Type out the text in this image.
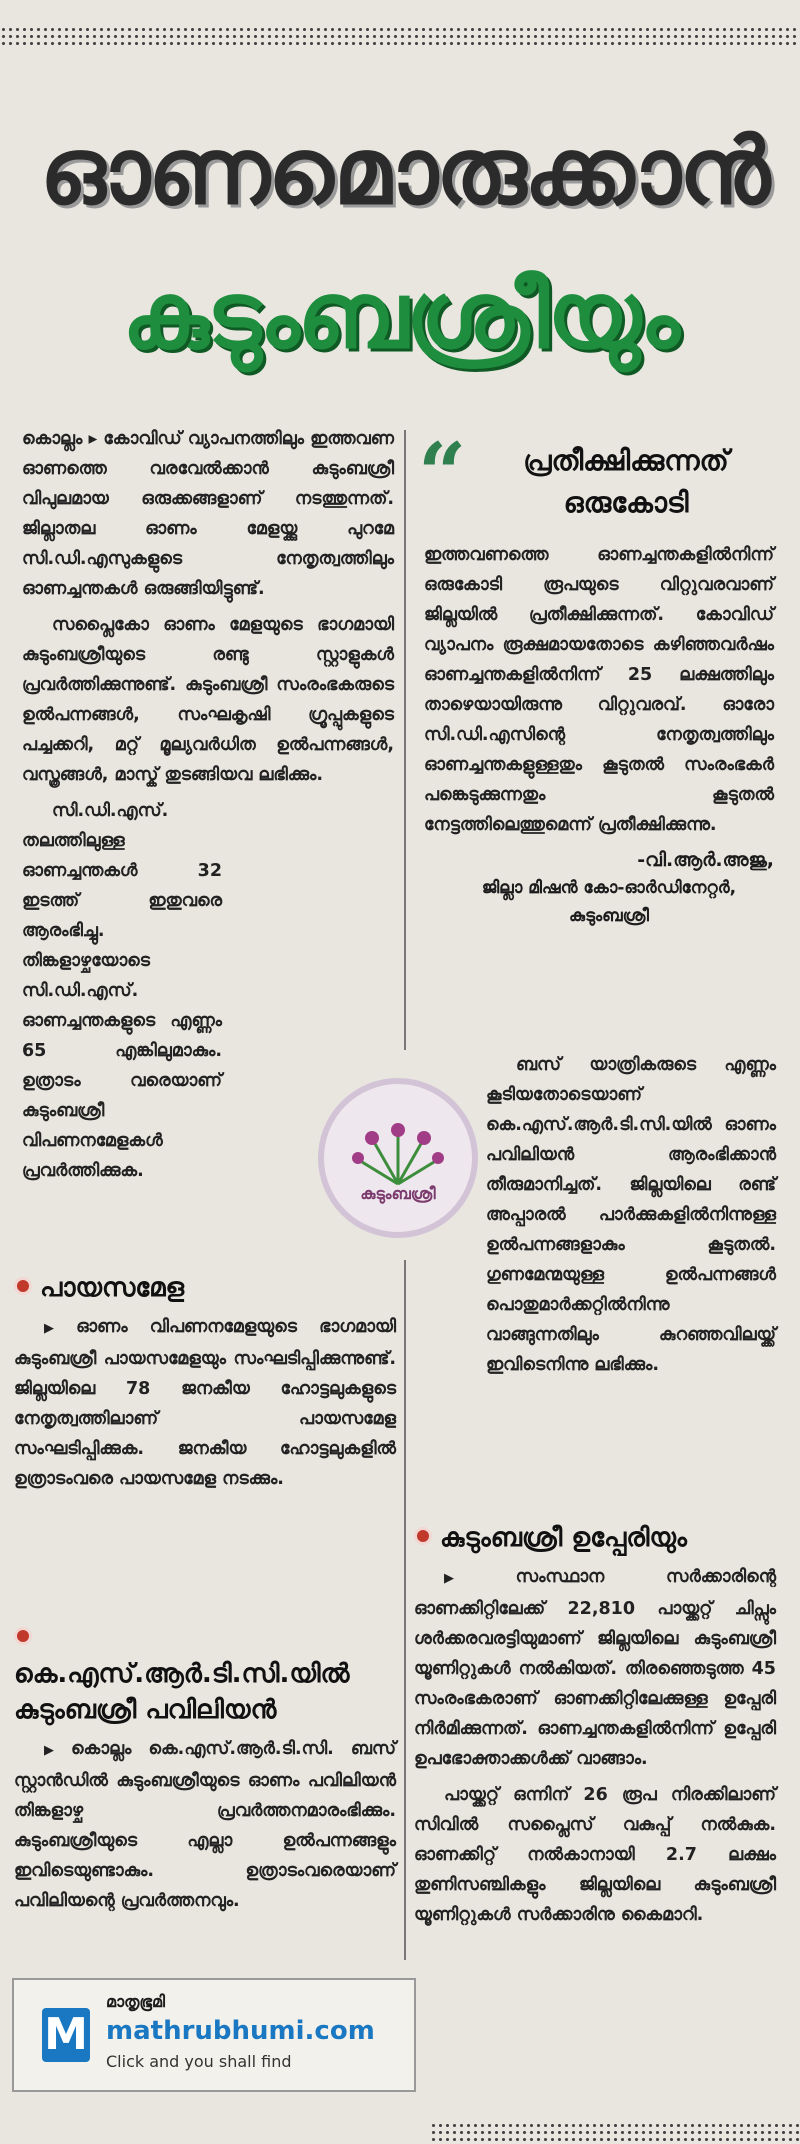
ഓണമൊരുക്കാൻ
കുടുംബശ്രീയും

കൊല്ലം ▸ കോവിഡ് വ്യാപനത്തിലും ഇത്തവണ ഓണത്തെ വരവേൽക്കാൻ കുടുംബശ്രീ വിപുലമായ ഒരുക്കങ്ങളാണ് നടത്തുന്നത്. ജില്ലാതല ഓണം മേളയ്ക്കു പുറമേ സി.ഡി.എസുകളുടെ നേതൃത്വത്തിലും ഓണച്ചന്തകൾ ഒരുങ്ങിയിട്ടുണ്ട്.

സപ്ലൈകോ ഓണം മേളയുടെ ഭാഗമായി കുടുംബശ്രീയുടെ രണ്ടു സ്റ്റാളുകൾ പ്രവർത്തിക്കുന്നുണ്ട്. കുടുംബശ്രീ സംരംഭകരുടെ ഉൽപന്നങ്ങൾ, സംഘകൃഷി ഗ്രൂപ്പുകളുടെ പച്ചക്കറി, മറ്റ് മൂല്യവർധിത ഉൽപന്നങ്ങൾ, വസ്ത്രങ്ങൾ, മാസ്ക് തുടങ്ങിയവ ലഭിക്കും.

സി.ഡി.എസ്. തലത്തിലുള്ള ഓണച്ചന്തകൾ 32 ഇടത്ത് ഇതുവരെ ആരംഭിച്ചു. തിങ്കളാഴ്ചയോടെ സി.ഡി.എസ്. ഓണച്ചന്തകളുടെ എണ്ണം 65 എങ്കിലുമാകും. ഉത്രാടം വരെയാണ് കുടുംബശ്രീ വിപണനമേളകൾ പ്രവർത്തിക്കുക.

പായസമേള

▶ ഓണം വിപണനമേളയുടെ ഭാഗമായി കുടുംബശ്രീ പായസമേളയും സംഘടിപ്പിക്കുന്നുണ്ട്. ജില്ലയിലെ 78 ജനകീയ ഹോട്ടലുകളുടെ നേതൃത്വത്തിലാണ് പായസമേള സംഘടിപ്പിക്കുക. ജനകീയ ഹോട്ടലുകളിൽ ഉത്രാടംവരെ പായസമേള നടക്കും.

കെ.എസ്.ആർ.ടി.സി.യിൽ കുടുംബശ്രീ പവിലിയൻ

▶ കൊല്ലം കെ.എസ്.ആർ.ടി.സി. ബസ് സ്റ്റാൻഡിൽ കുടുംബശ്രീയുടെ ഓണം പവിലിയൻ തിങ്കളാഴ്ച പ്രവർത്തനമാരംഭിക്കും. കുടുംബശ്രീയുടെ എല്ലാ ഉൽപന്നങ്ങളും ഇവിടെയുണ്ടാകും. ഉത്രാടംവരെയാണ് പവിലിയന്റെ പ്രവർത്തനവും.

“	പ്രതീക്ഷിക്കുന്നത് ഒരുകോടി

ഇത്തവണത്തെ ഓണച്ചന്തകളിൽനിന്ന് ഒരുകോടി രൂപയുടെ വിറ്റുവരവാണ് ജില്ലയിൽ പ്രതീക്ഷിക്കുന്നത്. കോവിഡ് വ്യാപനം രൂക്ഷമായതോടെ കഴിഞ്ഞവർഷം ഓണച്ചന്തകളിൽനിന്ന് 25 ലക്ഷത്തിലും താഴെയായിരുന്നു വിറ്റുവരവ്. ഓരോ സി.ഡി.എസിന്റെ നേതൃത്വത്തിലും ഓണച്ചന്തകളുള്ളതും കൂടുതൽ സംരംഭകർ പങ്കെടുക്കുന്നതും കൂടുതൽ നേട്ടത്തിലെത്തുമെന്ന് പ്രതീക്ഷിക്കുന്നു.

-വി.ആർ.അജു,
ജില്ലാ മിഷൻ കോ-ഓർഡിനേറ്റർ, കുടുംബശ്രീ
കുടുംബശ്രീ

ബസ് യാത്രികരുടെ എണ്ണം കൂടിയതോടെയാണ് കെ.എസ്.ആർ.ടി.സി.യിൽ ഓണം പവിലിയൻ ആരംഭിക്കാൻ തീരുമാനിച്ചത്. ജില്ലയിലെ രണ്ട് അപ്പാരൽ പാർക്കുകളിൽനിന്നുള്ള ഉൽപന്നങ്ങളാകും കൂടുതൽ. ഗുണമേന്മയുള്ള ഉൽപന്നങ്ങൾ പൊതുമാർക്കറ്റിൽനിന്നു വാങ്ങുന്നതിലും കുറഞ്ഞവിലയ്ക്ക് ഇവിടെനിന്നു ലഭിക്കും.

കുടുംബശ്രീ ഉപ്പേരിയും

▶ സംസ്ഥാന സർക്കാരിന്റെ ഓണക്കിറ്റിലേക്ക് 22,810 പായ്ക്കറ്റ് ചിപ്സും ശർക്കരവരട്ടിയുമാണ് ജില്ലയിലെ കുടുംബശ്രീ യൂണിറ്റുകൾ നൽകിയത്. തിരഞ്ഞെടുത്ത 45 സംരംഭകരാണ് ഓണക്കിറ്റിലേക്കുള്ള ഉപ്പേരി നിർമിക്കുന്നത്. ഓണച്ചന്തകളിൽനിന്ന് ഉപ്പേരി ഉപഭോക്താക്കൾക്ക് വാങ്ങാം.

പായ്ക്കറ്റ് ഒന്നിന് 26 രൂപ നിരക്കിലാണ് സിവിൽ സപ്ലൈസ് വകുപ്പ് നൽകുക. ഓണക്കിറ്റ് നൽകാനായി 2.7 ലക്ഷം തുണിസഞ്ചികളും ജില്ലയിലെ കുടുംബശ്രീ യൂണിറ്റുകൾ സർക്കാരിനു കൈമാറി.

M
മാതൃഭൂമി
mathrubhumi.com
Click and you shall find
